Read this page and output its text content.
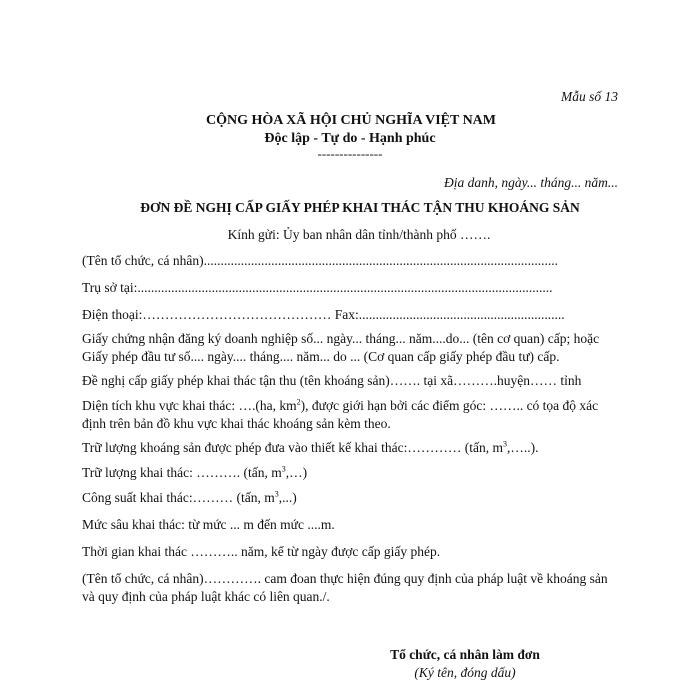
Mẫu số 13
CỘNG HÒA XÃ HỘI CHỦ NGHĨA VIỆT NAM
Độc lập - Tự do - Hạnh phúc
---------------
Địa danh, ngày... tháng... năm...
ĐƠN ĐỀ NGHỊ CẤP GIẤY PHÉP KHAI THÁC TẬN THU KHOÁNG SẢN
Kính gửi: Ủy ban nhân dân tỉnh/thành phố …….

(Tên tổ chức, cá nhân).........................................................................................................

Trụ sở tại:...........................................................................................................................

Điện thoại:…………………………………… Fax:.............................................................

Giấy chứng nhận đăng ký doanh nghiệp số... ngày... tháng... năm....do... (tên cơ quan) cấp; hoặc Giấy phép đầu tư số.... ngày.... tháng.... năm... do ... (Cơ quan cấp giấy phép đầu tư) cấp.

Đề nghị cấp giấy phép khai thác tận thu (tên khoáng sản)……. tại xã……….huyện…… tỉnh

Diện tích khu vực khai thác: ….(ha, $km^2$), được giới hạn bởi các điểm góc: …….. có tọa độ xác định trên bản đồ khu vực khai thác khoáng sản kèm theo.

Trữ lượng khoáng sản được phép đưa vào thiết kế khai thác:………… (tấn, $m^3,\dots$..).

Trữ lượng khai thác: ………. (tấn, $m^3,\dots$)

Công suất khai thác:……… (tấn, $m^3$,...)

Mức sâu khai thác: từ mức ... m đến mức ....m.

Thời gian khai thác ……….. năm, kể từ ngày được cấp giấy phép.

(Tên tổ chức, cá nhân)…………. cam đoan thực hiện đúng quy định của pháp luật về khoáng sản và quy định của pháp luật khác có liên quan./.

Tổ chức, cá nhân làm đơn
(Ký tên, đóng dấu)
